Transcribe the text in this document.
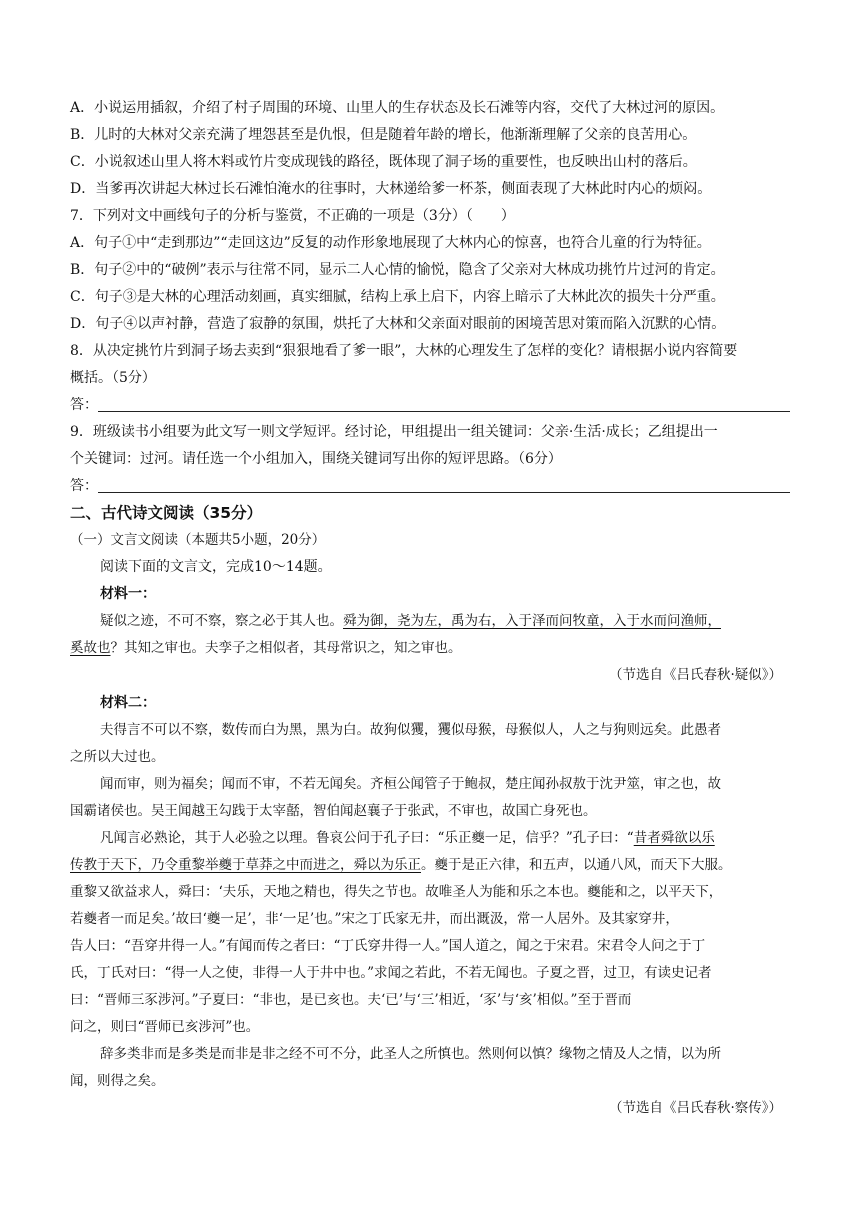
A．小说运用插叙，介绍了村子周围的环境、山里人的生存状态及长石滩等内容，交代了大林过河的原因。
B．儿时的大林对父亲充满了埋怨甚至是仇恨，但是随着年龄的增长，他渐渐理解了父亲的良苦用心。
C．小说叙述山里人将木料或竹片变成现钱的路径，既体现了洞子场的重要性，也反映出山村的落后。
D．当爹再次讲起大林过长石滩怕淹水的往事时，大林递给爹一杯茶，侧面表现了大林此时内心的烦闷。
7．下列对文中画线句子的分析与鉴赏，不正确的一项是（3分）（　　）
A．句子①中“走到那边”“走回这边”反复的动作形象地展现了大林内心的惊喜，也符合儿童的行为特征。
B．句子②中的“破例”表示与往常不同，显示二人心情的愉悦，隐含了父亲对大林成功挑竹片过河的肯定。
C．句子③是大林的心理活动刻画，真实细腻，结构上承上启下，内容上暗示了大林此次的损失十分严重。
D．句子④以声衬静，营造了寂静的氛围，烘托了大林和父亲面对眼前的困境苦思对策而陷入沉默的心情。
8．从决定挑竹片到洞子场去卖到“狠狠地看了爹一眼”，大林的心理发生了怎样的变化？请根据小说内容简要
概括。（5分）
答：
9．班级读书小组要为此文写一则文学短评。经讨论，甲组提出一组关键词：父亲·生活·成长；乙组提出一
个关键词：过河。请任选一个小组加入，围绕关键词写出你的短评思路。（6分）
答：
二、古代诗文阅读（35分）
（一）文言文阅读（本题共5小题，20分）
阅读下面的文言文，完成10～14题。
材料一：
疑似之迹，不可不察，察之必于其人也。舜为御，尧为左，禹为右，入于泽而问牧童，入于水而问渔师，
奚故也？其知之审也。夫孪子之相似者，其母常识之，知之审也。
（节选自《吕氏春秋·疑似》）
材料二：
夫得言不可以不察，数传而白为黑，黑为白。故狗似玃，玃似母猴，母猴似人，人之与狗则远矣。此愚者
之所以大过也。
闻而审，则为福矣；闻而不审，不若无闻矣。齐桓公闻管子于鲍叔，楚庄闻孙叔敖于沈尹筮，审之也，故
国霸诸侯也。吴王闻越王勾践于太宰嚭，智伯闻赵襄子于张武，不审也，故国亡身死也。
凡闻言必熟论，其于人必验之以理。鲁哀公问于孔子曰：“乐正夔一足，信乎？”孔子曰：“昔者舜欲以乐
传教于天下，乃令重黎举夔于草莽之中而进之，舜以为乐正。夔于是正六律，和五声，以通八风，而天下大服。
重黎又欲益求人，舜曰：‘夫乐，天地之精也，得失之节也。故唯圣人为能和乐之本也。夔能和之，以平天下，
若夔者一而足矣。’故曰‘夔一足’，非‘一足’也。”宋之丁氏家无井，而出溉汲，常一人居外。及其家穿井，
告人曰：“吾穿井得一人。”有闻而传之者曰：“丁氏穿井得一人。”国人道之，闻之于宋君。宋君令人问之于丁
氏，丁氏对曰：“得一人之使，非得一人于井中也。”求闻之若此，不若无闻也。子夏之晋，过卫，有读史记者
曰：“晋师三豕涉河。”子夏曰：“非也，是已亥也。夫‘已’与‘三’相近，‘豕’与‘亥’相似。”至于晋而
问之，则曰“晋师已亥涉河”也。
辞多类非而是多类是而非是非之经不可不分，此圣人之所慎也。然则何以慎？缘物之情及人之情，以为所
闻，则得之矣。
（节选自《吕氏春秋·察传》）
